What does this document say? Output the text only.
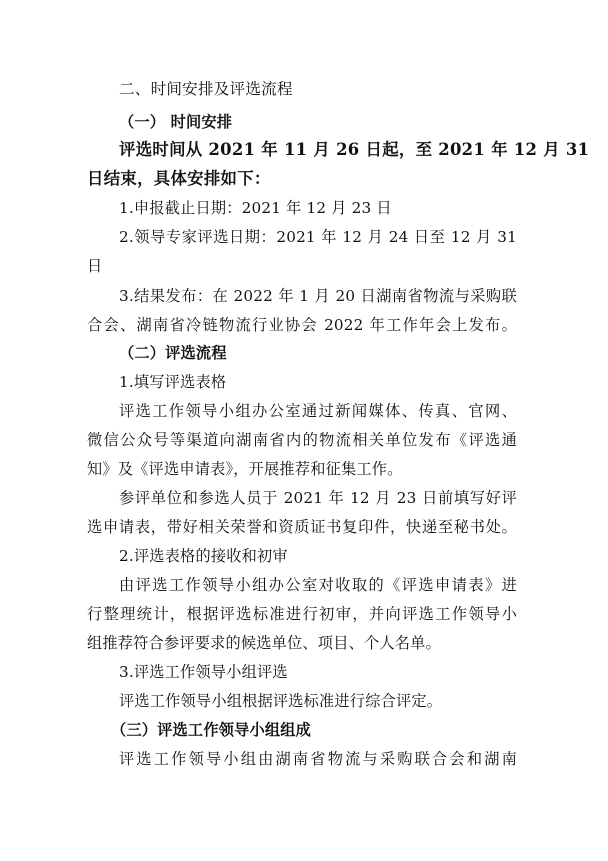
二、时间安排及评选流程
（一） 时间安排
评选时间从 2021 年 11 月 26 日起，至 2021 年 12 月 31
日结束，具体安排如下：
1.申报截止日期：2021 年 12 月 23 日
2.领导专家评选日期：2021 年 12 月 24 日至 12 月 31
日
3.结果发布：在 2022 年 1 月 20 日湖南省物流与采购联
合会、湖南省冷链物流行业协会 2022 年工作年会上发布。
（二）评选流程
1.填写评选表格
评选工作领导小组办公室通过新闻媒体、传真、官网、
微信公众号等渠道向湖南省内的物流相关单位发布《评选通
知》及《评选申请表》，开展推荐和征集工作。
参评单位和参选人员于 2021 年 12 月 23 日前填写好评
选申请表，带好相关荣誉和资质证书复印件，快递至秘书处。
2.评选表格的接收和初审
由评选工作领导小组办公室对收取的《评选申请表》进
行整理统计，根据评选标准进行初审，并向评选工作领导小
组推荐符合参评要求的候选单位、项目、个人名单。
3.评选工作领导小组评选
评选工作领导小组根据评选标准进行综合评定。
（三）评选工作领导小组组成
评选工作领导小组由湖南省物流与采购联合会和湖南
